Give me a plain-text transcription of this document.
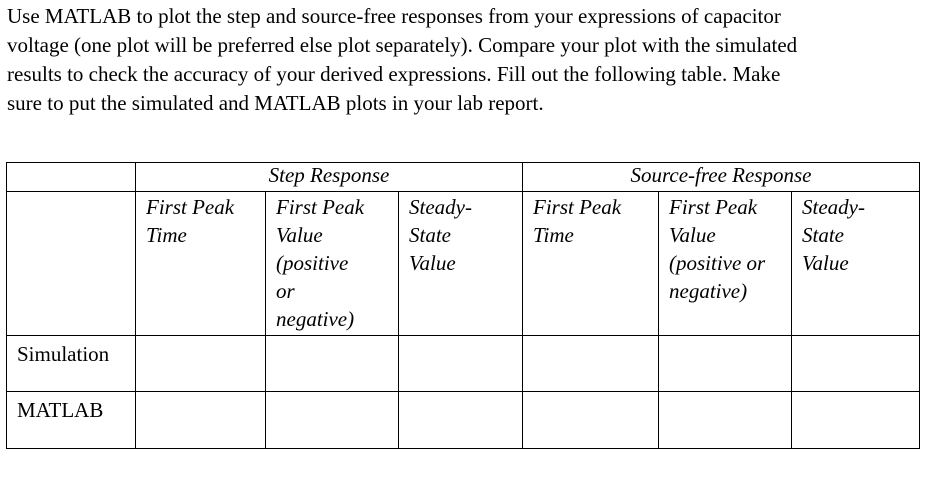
Use MATLAB to plot the step and source-free responses from your expressions of capacitor
voltage (one plot will be preferred else plot separately). Compare your plot with the simulated
results to check the accuracy of your derived expressions. Fill out the following table. Make
sure to put the simulated and MATLAB plots in your lab report.

	Step Response			Source-free Response		

	First Peak
Time	First Peak
Value
(positive
or
negative)	Steady-
State
Value	First Peak
Time	First Peak
Value
(positive or
negative)	Steady-
State
Value

Simulation						

MATLAB						
